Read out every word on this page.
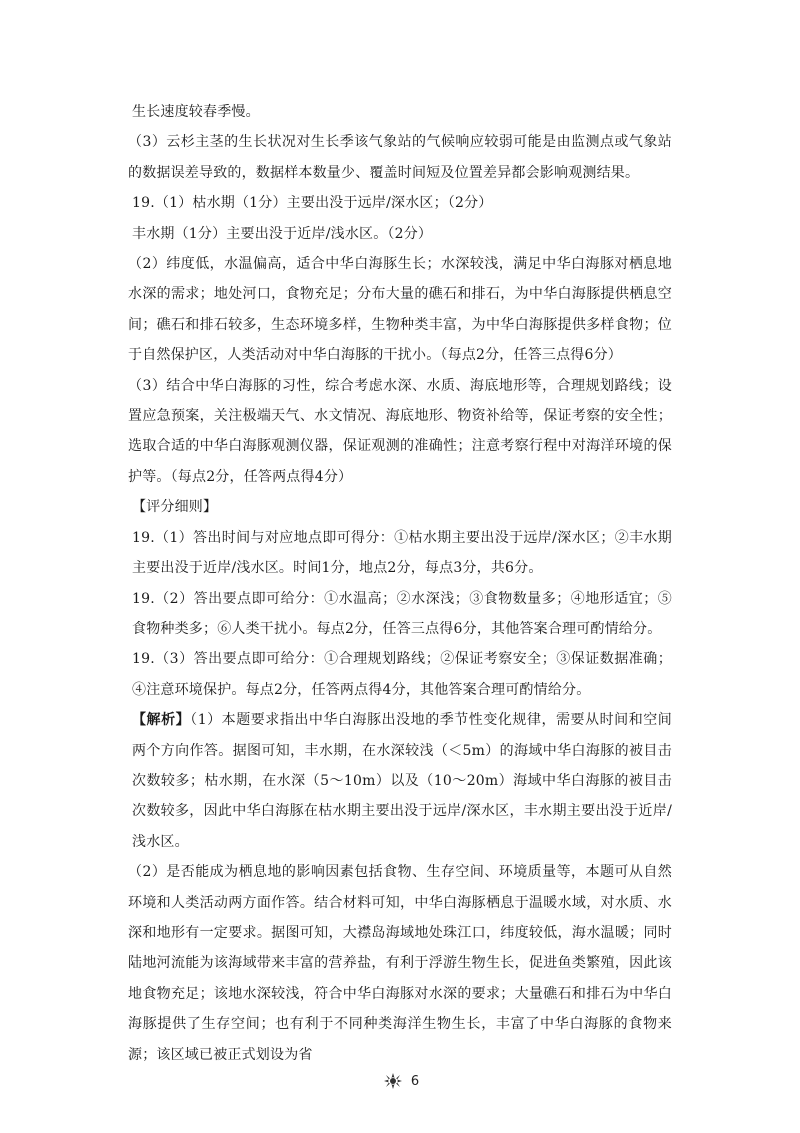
生长速度较春季慢。

（3）云杉主茎的生长状况对生长季该气象站的气候响应较弱可能是由监测点或气象站的数据误差导致的，数据样本数量少、覆盖时间短及位置差异都会影响观测结果。

19.（1）枯水期（1分）主要出没于远岸/深水区；（2分）

丰水期（1分）主要出没于近岸/浅水区。（2分）

（2）纬度低，水温偏高，适合中华白海豚生长；水深较浅，满足中华白海豚对栖息地水深的需求；地处河口，食物充足；分布大量的礁石和排石，为中华白海豚提供栖息空间；礁石和排石较多，生态环境多样，生物种类丰富，为中华白海豚提供多样食物；位于自然保护区，人类活动对中华白海豚的干扰小。（每点2分，任答三点得6分）

（3）结合中华白海豚的习性，综合考虑水深、水质、海底地形等，合理规划路线；设置应急预案，关注极端天气、水文情况、海底地形、物资补给等，保证考察的安全性；选取合适的中华白海豚观测仪器，保证观测的准确性；注意考察行程中对海洋环境的保护等。（每点2分，任答两点得4分）

【评分细则】

19.（1）答出时间与对应地点即可得分：①枯水期主要出没于远岸/深水区；②丰水期主要出没于近岸/浅水区。时间1分，地点2分，每点3分，共6分。

19.（2）答出要点即可给分：①水温高；②水深浅；③食物数量多；④地形适宜；⑤食物种类多；⑥人类干扰小。每点2分，任答三点得6分，其他答案合理可酌情给分。

19.（3）答出要点即可给分：①合理规划路线；②保证考察安全；③保证数据准确；④注意环境保护。每点2分，任答两点得4分，其他答案合理可酌情给分。

【解析】（1）本题要求指出中华白海豚出没地的季节性变化规律，需要从时间和空间两个方向作答。据图可知，丰水期，在水深较浅（＜5m）的海域中华白海豚的被目击次数较多；枯水期，在水深（5～10m）以及（10～20m）海域中华白海豚的被目击次数较多，因此中华白海豚在枯水期主要出没于远岸/深水区，丰水期主要出没于近岸/浅水区。

（2）是否能成为栖息地的影响因素包括食物、生存空间、环境质量等，本题可从自然环境和人类活动两方面作答。结合材料可知，中华白海豚栖息于温暖水域，对水质、水深和地形有一定要求。据图可知，大襟岛海域地处珠江口，纬度较低，海水温暖；同时陆地河流能为该海域带来丰富的营养盐，有利于浮游生物生长，促进鱼类繁殖，因此该地食物充足；该地水深较浅，符合中华白海豚对水深的要求；大量礁石和排石为中华白海豚提供了生存空间；也有利于不同种类海洋生物生长，丰富了中华白海豚的食物来源；该区域已被正式划设为省

6
